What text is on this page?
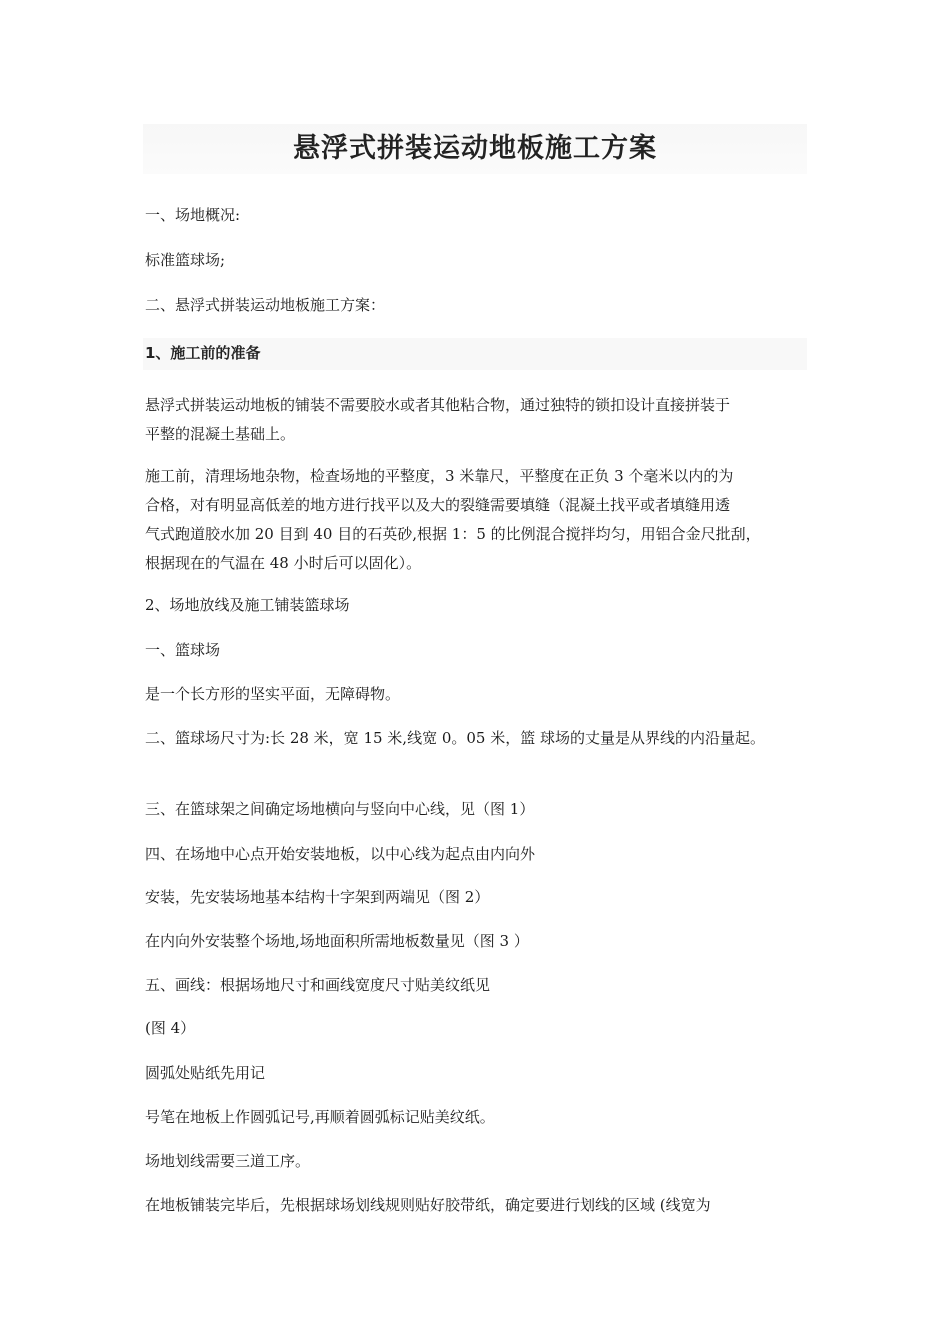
悬浮式拼装运动地板施工方案
一、场地概况:
标准篮球场;
二、悬浮式拼装运动地板施工方案：
1、施工前的准备
悬浮式拼装运动地板的铺装不需要胶水或者其他粘合物，通过独特的锁扣设计直接拼装于
平整的混凝土基础上。
施工前，清理场地杂物，检查场地的平整度，3 米靠尺，平整度在正负 3 个毫米以内的为
合格，对有明显高低差的地方进行找平以及大的裂缝需要填缝（混凝土找平或者填缝用透
气式跑道胶水加 20 目到 40 目的石英砂,根据 1：5 的比例混合搅拌均匀，用铝合金尺批刮，
根据现在的气温在 48 小时后可以固化）。
2、场地放线及施工铺装篮球场
一、篮球场
是一个长方形的坚实平面，无障碍物。
二、篮球场尺寸为:长 28 米，宽 15 米,线宽 0。05 米，篮 球场的丈量是从界线的内沿量起。
三、在篮球架之间确定场地横向与竖向中心线，见（图 1）
四、在场地中心点开始安装地板，以中心线为起点由内向外
安装，先安装场地基本结构十字架到两端见（图 2）
在内向外安装整个场地,场地面积所需地板数量见（图 3 ）
五、画线：根据场地尺寸和画线宽度尺寸贴美纹纸见
(图 4）
圆弧处贴纸先用记
号笔在地板上作圆弧记号,再顺着圆弧标记贴美纹纸。
场地划线需要三道工序。
在地板铺装完毕后，先根据球场划线规则贴好胶带纸，确定要进行划线的区域 (线宽为
